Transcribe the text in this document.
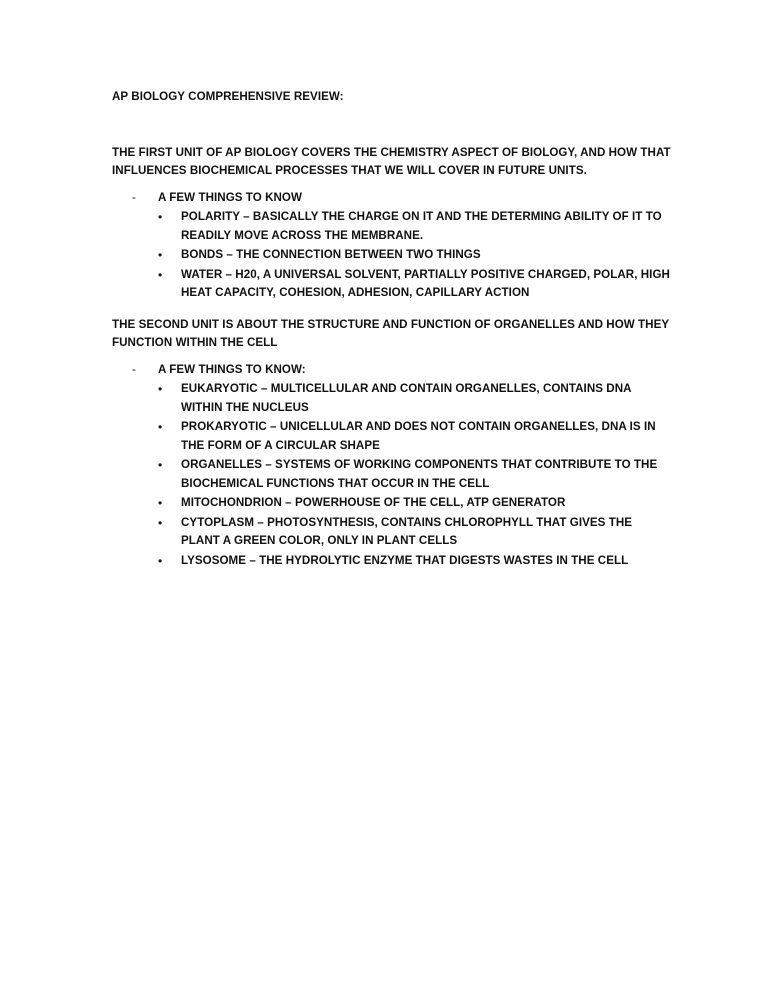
AP BIOLOGY COMPREHENSIVE REVIEW:

THE FIRST UNIT OF AP BIOLOGY COVERS THE CHEMISTRY ASPECT OF BIOLOGY, AND HOW THAT INFLUENCES BIOCHEMICAL PROCESSES THAT WE WILL COVER IN FUTURE UNITS.

- A FEW THINGS TO KNOW
• POLARITY – BASICALLY THE CHARGE ON IT AND THE DETERMING ABILITY OF IT TO READILY MOVE ACROSS THE MEMBRANE.
• BONDS – THE CONNECTION BETWEEN TWO THINGS
• WATER – H20, A UNIVERSAL SOLVENT, PARTIALLY POSITIVE CHARGED, POLAR, HIGH HEAT CAPACITY, COHESION, ADHESION, CAPILLARY ACTION

THE SECOND UNIT IS ABOUT THE STRUCTURE AND FUNCTION OF ORGANELLES AND HOW THEY FUNCTION WITHIN THE CELL

- A FEW THINGS TO KNOW:
• EUKARYOTIC – MULTICELLULAR AND CONTAIN ORGANELLES, CONTAINS DNA WITHIN THE NUCLEUS
• PROKARYOTIC – UNICELLULAR AND DOES NOT CONTAIN ORGANELLES, DNA IS IN THE FORM OF A CIRCULAR SHAPE
• ORGANELLES – SYSTEMS OF WORKING COMPONENTS THAT CONTRIBUTE TO THE BIOCHEMICAL FUNCTIONS THAT OCCUR IN THE CELL
• MITOCHONDRION – POWERHOUSE OF THE CELL, ATP GENERATOR
• CYTOPLASM – PHOTOSYNTHESIS, CONTAINS CHLOROPHYLL THAT GIVES THE PLANT A GREEN COLOR, ONLY IN PLANT CELLS
• LYSOSOME – THE HYDROLYTIC ENZYME THAT DIGESTS WASTES IN THE CELL
